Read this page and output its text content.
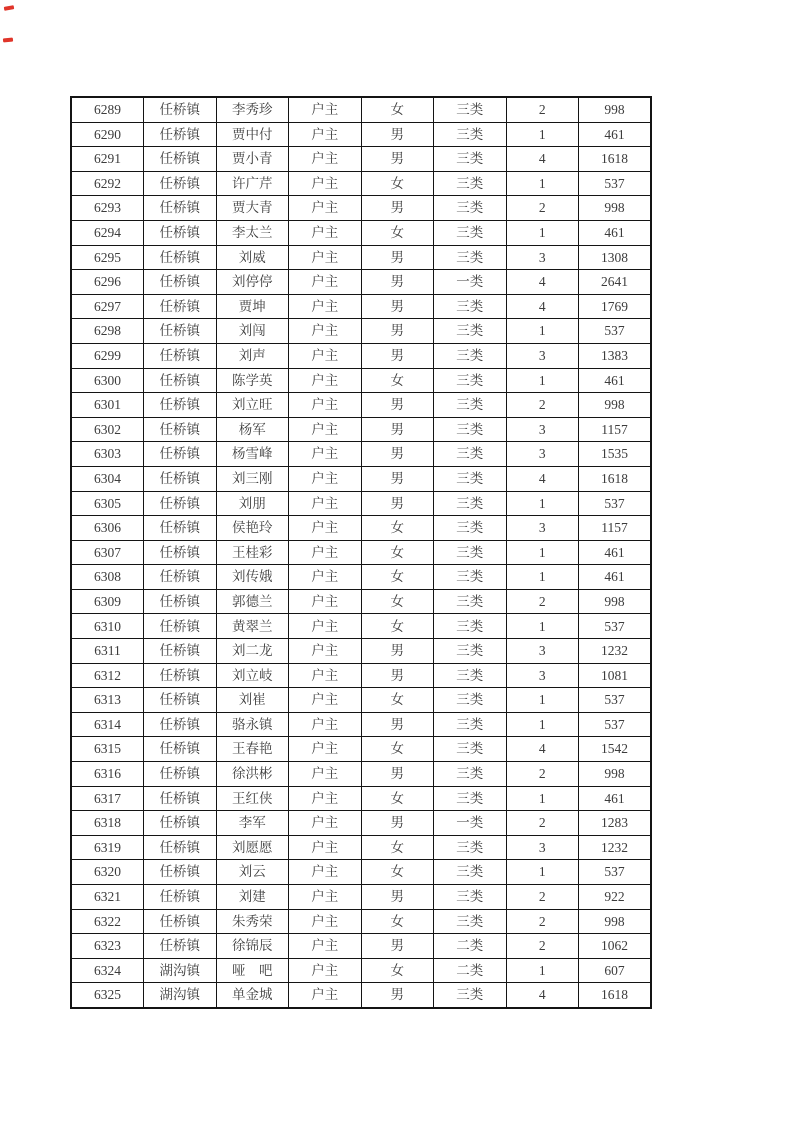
6289	任桥镇	李秀珍	户主	女	三类	2	998
6290	任桥镇	贾中付	户主	男	三类	1	461
6291	任桥镇	贾小青	户主	男	三类	4	1618
6292	任桥镇	许广芹	户主	女	三类	1	537
6293	任桥镇	贾大青	户主	男	三类	2	998
6294	任桥镇	李太兰	户主	女	三类	1	461
6295	任桥镇	刘威	户主	男	三类	3	1308
6296	任桥镇	刘停停	户主	男	一类	4	2641
6297	任桥镇	贾坤	户主	男	三类	4	1769
6298	任桥镇	刘闯	户主	男	三类	1	537
6299	任桥镇	刘声	户主	男	三类	3	1383
6300	任桥镇	陈学英	户主	女	三类	1	461
6301	任桥镇	刘立旺	户主	男	三类	2	998
6302	任桥镇	杨军	户主	男	三类	3	1157
6303	任桥镇	杨雪峰	户主	男	三类	3	1535
6304	任桥镇	刘三刚	户主	男	三类	4	1618
6305	任桥镇	刘朋	户主	男	三类	1	537
6306	任桥镇	侯艳玲	户主	女	三类	3	1157
6307	任桥镇	王桂彩	户主	女	三类	1	461
6308	任桥镇	刘传娥	户主	女	三类	1	461
6309	任桥镇	郭德兰	户主	女	三类	2	998
6310	任桥镇	黄翠兰	户主	女	三类	1	537
6311	任桥镇	刘二龙	户主	男	三类	3	1232
6312	任桥镇	刘立岐	户主	男	三类	3	1081
6313	任桥镇	刘崔	户主	女	三类	1	537
6314	任桥镇	骆永镇	户主	男	三类	1	537
6315	任桥镇	王春艳	户主	女	三类	4	1542
6316	任桥镇	徐洪彬	户主	男	三类	2	998
6317	任桥镇	王红侠	户主	女	三类	1	461
6318	任桥镇	李军	户主	男	一类	2	1283
6319	任桥镇	刘愿愿	户主	女	三类	3	1232
6320	任桥镇	刘云	户主	女	三类	1	537
6321	任桥镇	刘建	户主	男	三类	2	922
6322	任桥镇	朱秀荣	户主	女	三类	2	998
6323	任桥镇	徐锦辰	户主	男	二类	2	1062
6324	湖沟镇	哑　吧	户主	女	二类	1	607
6325	湖沟镇	单金城	户主	男	三类	4	1618
